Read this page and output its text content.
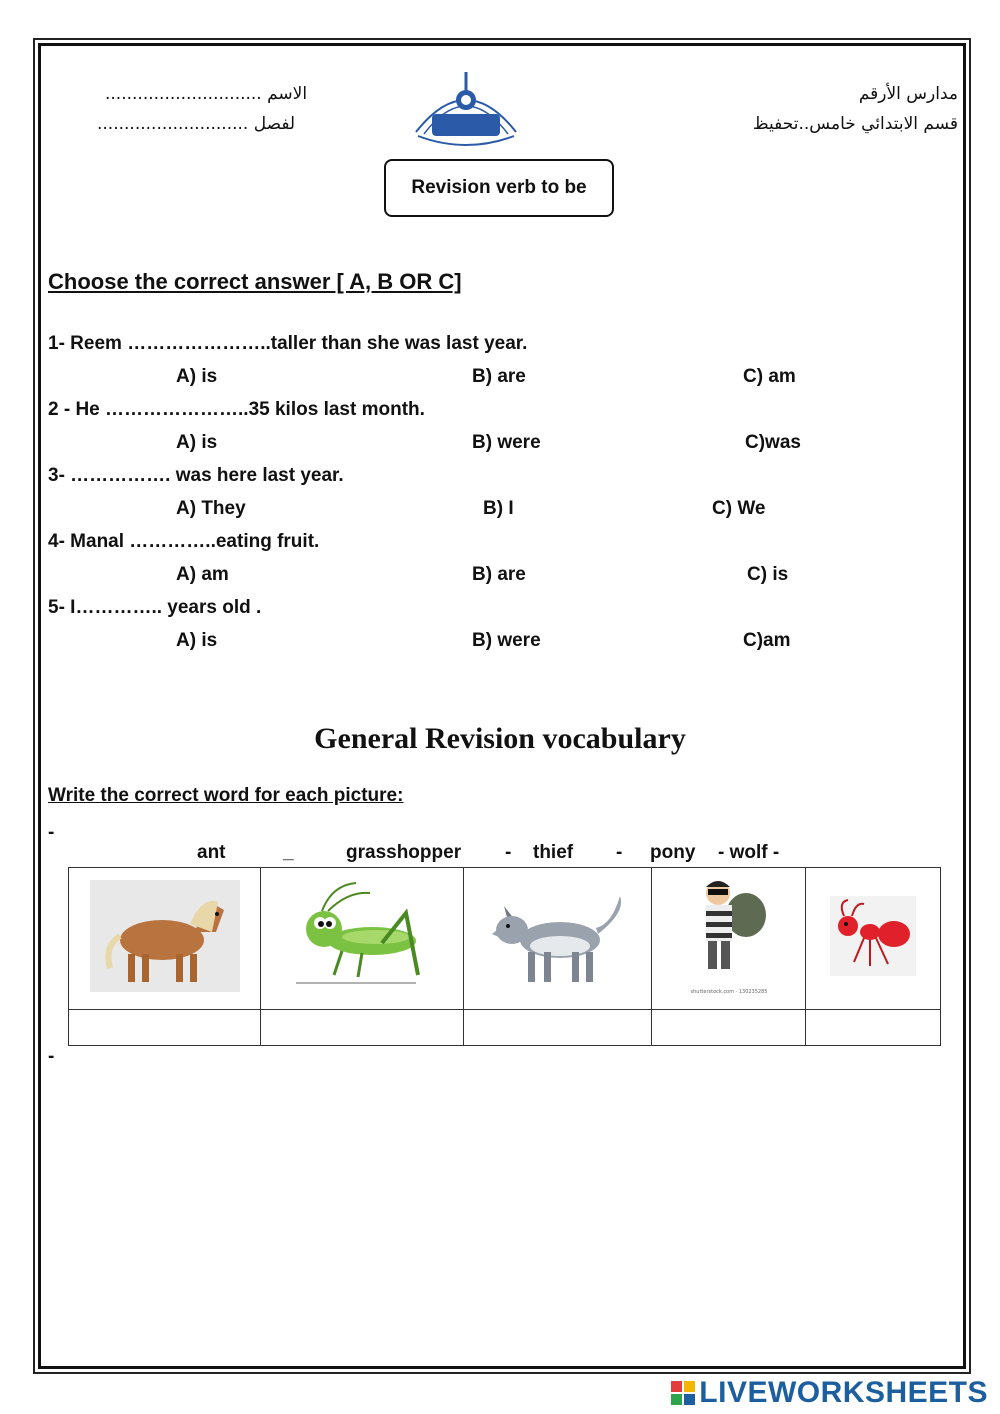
الاسم .............................
لفصل ............................
مدارس الأرقم
قسم الابتدائي خامس..تحفيظ
Revision verb to be
Choose the correct answer [ A, B OR C]
1- Reem …………………..taller than she was last year.
A) is	B) are	C) am
2 - He …………………..35 kilos last month.
A) is	B) were	C)was
3- ……………. was here last year.
A) They	B) I	C) We
4- Manal …………..eating fruit.
A) am	B) are	C) is
5- I………….. years old .
A) is	B) were	C)am
General Revision vocabulary
Write the correct word for each picture:
-
ant	_	grasshopper - thief - pony - wolf -

shutterstock.com · 130235285

-
LIVEWORKSHEETS
